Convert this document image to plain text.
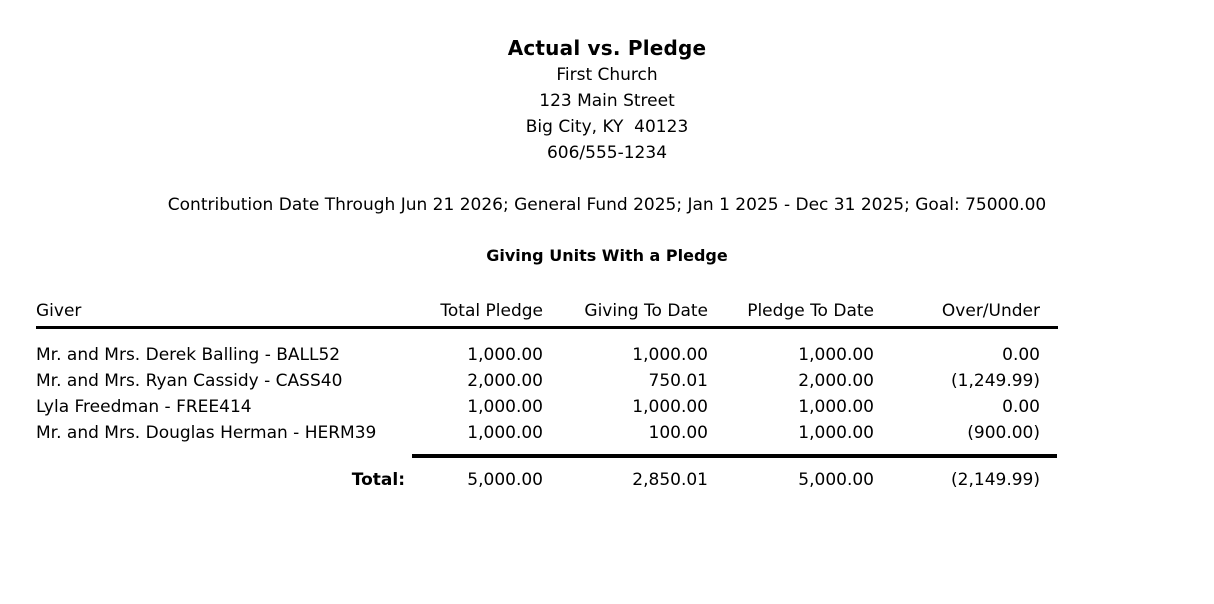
Actual vs. Pledge
First Church
123 Main Street
Big City, KY  40123
606/555-1234
Contribution Date Through Jun 21 2026; General Fund 2025; Jan 1 2025 - Dec 31 2025; Goal: 75000.00
Giving Units With a Pledge
Giver	Total Pledge	Giving To Date	Pledge To Date	Over/Under
Mr. and Mrs. Derek Balling - BALL52	1,000.00	1,000.00	1,000.00	0.00
Mr. and Mrs. Ryan Cassidy - CASS40	2,000.00	750.01	2,000.00	(1,249.99)
Lyla Freedman - FREE414	1,000.00	1,000.00	1,000.00	0.00
Mr. and Mrs. Douglas Herman - HERM39	1,000.00	100.00	1,000.00	(900.00)
Total:	5,000.00	2,850.01	5,000.00	(2,149.99)
